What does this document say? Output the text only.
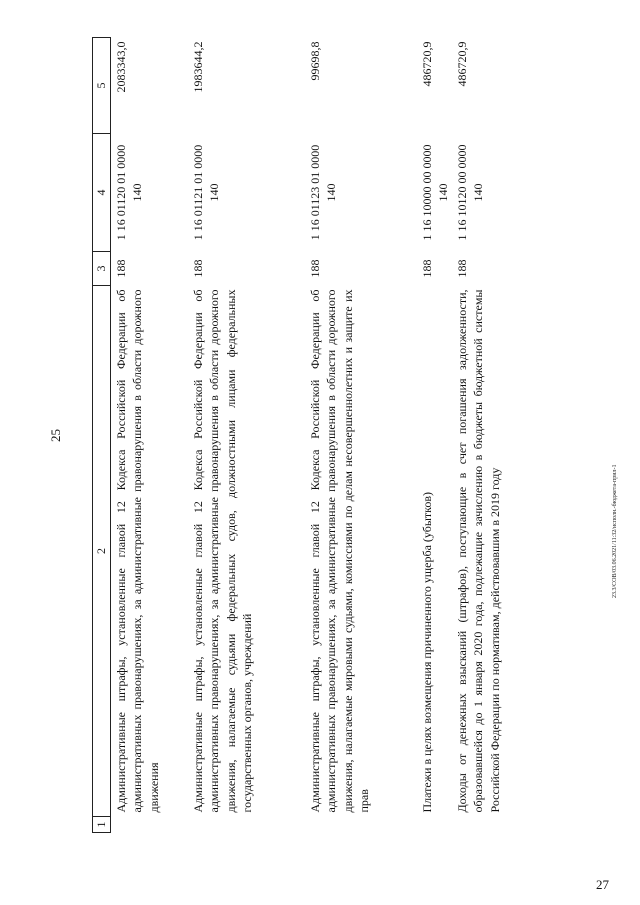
25
1	2	3	4	5
	Административные штрафы, установленные главой 12 Кодекса Российской Федерации об административных правонарушениях, за административные правонарушения в области дорожного движения	188	1 16 01120 01 0000 140	2083343,0
	Административные штрафы, установленные главой 12 Кодекса Российской Федерации об административных правонарушениях, за административные правонарушения в области дорожного движения, налагаемые судьями федеральных судов, должностными лицами федеральных государственных органов, учреждений	188	1 16 01121 01 0000 140	1983644,2
	Административные штрафы, установленные главой 12 Кодекса Российской Федерации об административных правонарушениях, за административные правонарушения в области дорожного движения, налагаемые мировыми судьями, комиссиями по делам несовершеннолетних и защите их прав	188	1 16 01123 01 0000 140	99698,8
	Платежи в целях возмещения причиненного ущерба (убытков)	188	1 16 10000 00 0000 140	486720,9
	Доходы от денежных взысканий (штрафов), поступающие в счет погашения задолженности, образовавшейся до 1 января 2020 года, подлежащие зачислению в бюджеты бюджетной системы Российской Федерации по нормативам, действовавшим в 2019 году	188	1 16 10120 00 0000 140	486720,9
23.3/СОВ/03.06.2021/11:32/исполн.-бюджета-прил-1
27
